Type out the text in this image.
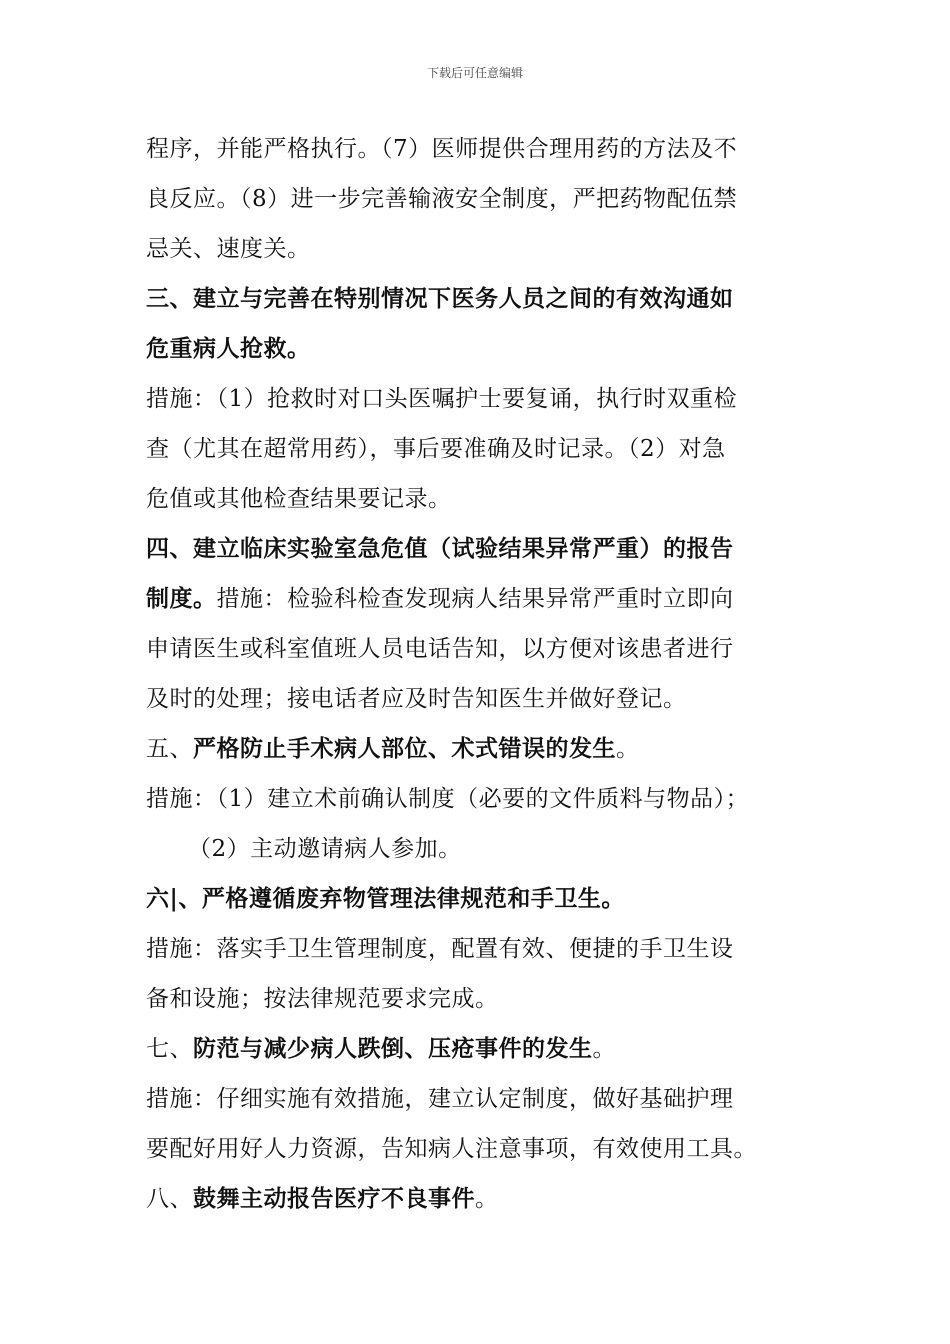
下载后可任意编辑
程序，并能严格执行。（7）医师提供合理用药的方法及不
良反应。（8）进一步完善输液安全制度，严把药物配伍禁
忌关、速度关。
三、建立与完善在特别情况下医务人员之间的有效沟通如
危重病人抢救。
措施：（1）抢救时对口头医嘱护士要复诵，执行时双重检
查（尤其在超常用药），事后要准确及时记录。（2）对急
危值或其他检查结果要记录。
四、建立临床实验室急危值（试验结果异常严重）的报告
制度。措施：检验科检查发现病人结果异常严重时立即向
申请医生或科室值班人员电话告知，以方便对该患者进行
及时的处理；接电话者应及时告知医生并做好登记。
五、严格防止手术病人部位、术式错误的发生。
措施：（1）建立术前确认制度（必要的文件质料与物品）；
（2）主动邀请病人参加。
六|、严格遵循废弃物管理法律规范和手卫生。
措施：落实手卫生管理制度，配置有效、便捷的手卫生设
备和设施；按法律规范要求完成。
七、防范与减少病人跌倒、压疮事件的发生。
措施：仔细实施有效措施，建立认定制度，做好基础护理
要配好用好人力资源，告知病人注意事项，有效使用工具。
八、鼓舞主动报告医疗不良事件。
